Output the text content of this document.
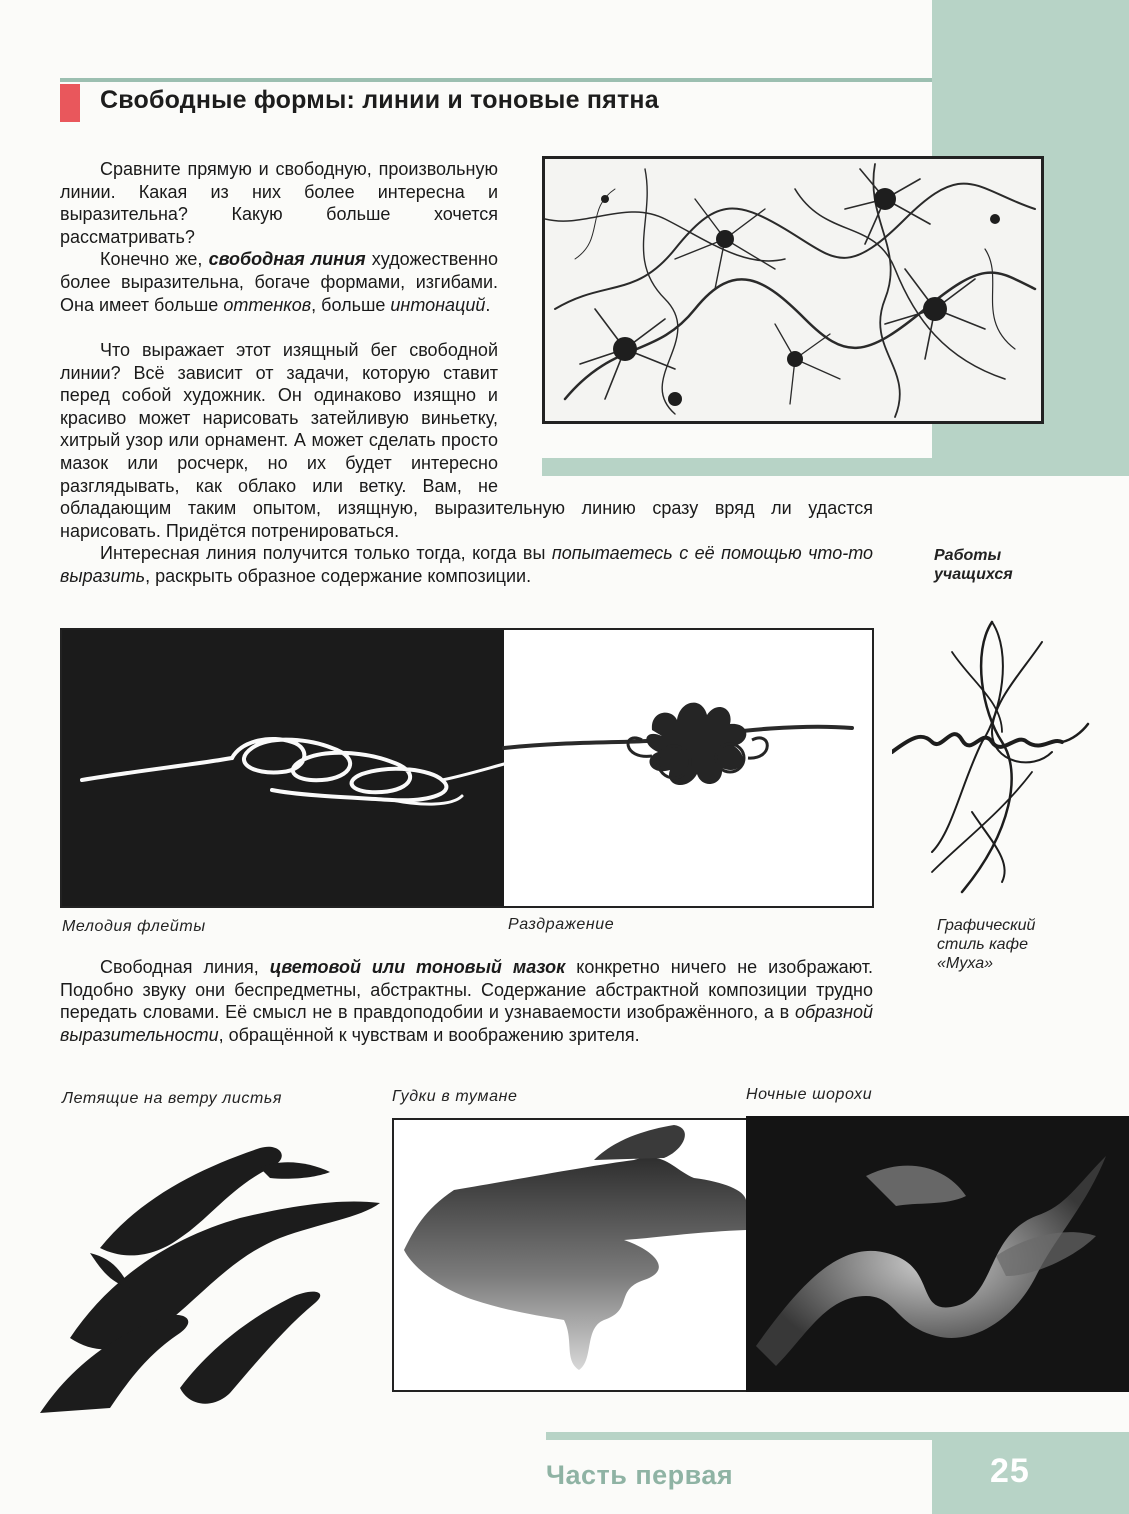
Свободные формы: линии и тоновые пятна

Сравните прямую и свободную, произвольную линии. Какая из них более интересна и выразительна? Какую больше хочется рассматривать?

Конечно же, свободная линия художественно более выразительна, богаче формами, изгибами. Она имеет больше оттенков, больше интонаций.

Что выражает этот изящный бег свободной линии? Всё зависит от задачи, которую ставит перед собой художник. Он одинаково изящно и красиво может нарисовать затейливую виньетку, хитрый узор или орнамент. А может сделать просто мазок или росчерк, но их будет интересно разглядывать, как облако или ветку. Вам, не обладающим таким опытом, изящную, выразительную линию сразу вряд ли удастся нарисовать. Придётся потренироваться.

Интересная линия получится только тогда, когда вы попытаетесь с её помощью что-то выразить, раскрыть образное содержание композиции.

Работы
учащихся
Мелодия флейты	Раздражение	Графический
стиль кафе
«Муха»

Свободная линия, цветовой или тоновый мазок конкретно ничего не изображают. Подобно звуку они беспредметны, абстрактны. Содержание абстрактной композиции трудно передать словами. Её смысл не в правдоподобии и узнаваемости изображённого, а в образной выразительности, обращённой к чувствам и воображению зрителя.

Летящие на ветру листья	Гудки в тумане	Ночные шорохи
Часть первая	25
